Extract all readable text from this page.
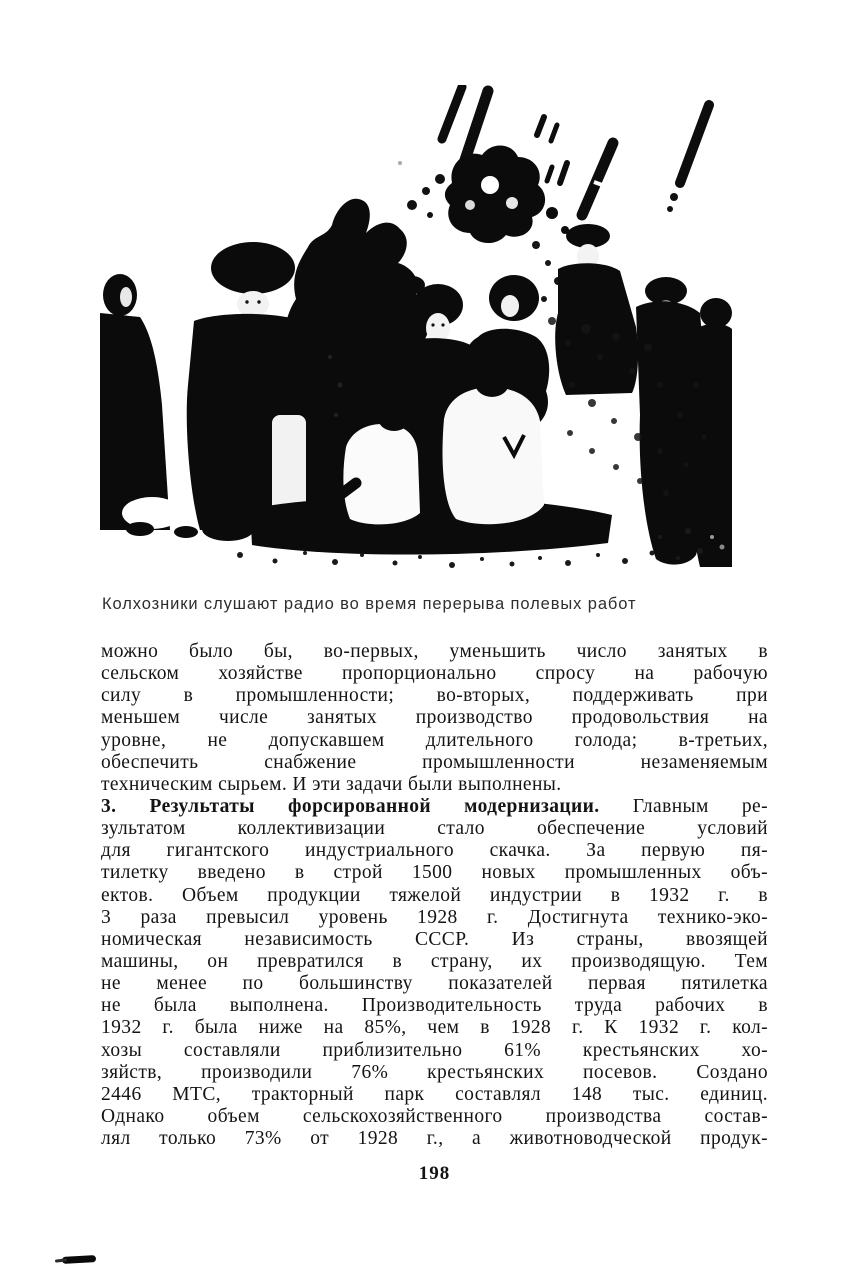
Колхозники слушают радио во время перерыва полевых работ
можно было бы, во-первых, уменьшить число занятых в
сельском хозяйстве пропорционально спросу на рабочую
силу в промышленности; во-вторых, поддерживать при
меньшем числе занятых производство продовольствия на
уровне, не допускавшем длительного голода; в-третьих,
обеспечить снабжение промышленности незаменяемым
техническим сырьем. И эти задачи были выполнены.
3. Результаты форсированной модернизации. Главным ре-
зультатом коллективизации стало обеспечение условий
для гигантского индустриального скачка. За первую пя-
тилетку введено в строй 1500 новых промышленных объ-
ектов. Объем продукции тяжелой индустрии в 1932 г. в
3 раза превысил уровень 1928 г. Достигнута технико-эко-
номическая независимость СССР. Из страны, ввозящей
машины, он превратился в страну, их производящую. Тем
не менее по большинству показателей первая пятилетка
не была выполнена. Производительность труда рабочих в
1932 г. была ниже на 85%, чем в 1928 г. К 1932 г. кол-
хозы составляли приблизительно 61% крестьянских хо-
зяйств, производили 76% крестьянских посевов. Создано
2446 МТС, тракторный парк составлял 148 тыс. единиц.
Однако объем сельскохозяйственного производства состав-
лял только 73% от 1928 г., а животноводческой продук-
198
